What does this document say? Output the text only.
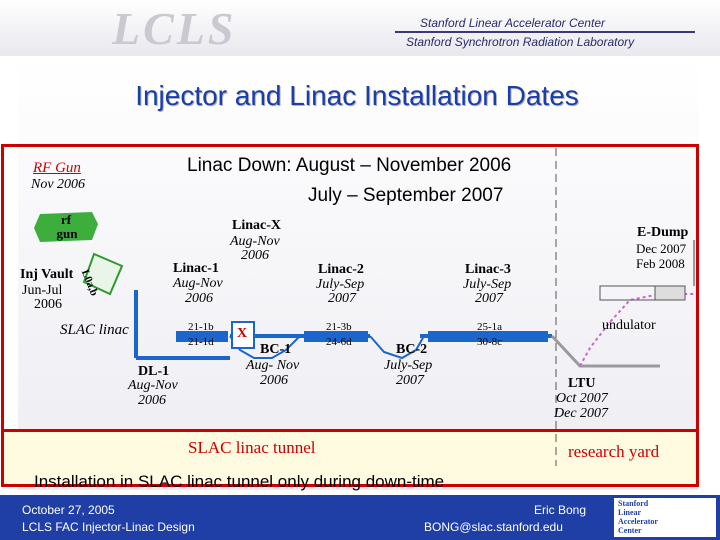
LCLS	Stanford Linear Accelerator Center
Stanford Synchrotron Radiation Laboratory
Injector and Linac Installation Dates
Linac Down: August – November 2006
July – September 2007
RF Gun
Nov 2006
rf
gun
Inj Vault
Jun-Jul
2006
L0a,b
SLAC linac
DL-1
Aug-Nov
2006
Linac-1
Aug-Nov
2006
Linac-X
Aug-Nov
2006
Linac-2
July-Sep
2007
Linac-3
July-Sep
2007
21-1b
21-1d
X	21-3b
24-6d
25-1a
30-8c
BC-1
Aug- Nov
2006
BC-2
July-Sep
2007
E-Dump
Dec 2007
Feb 2008
undulator
LTU
Oct 2007
Dec 2007
SLAC linac tunnel	research yard
Installation in SLAC linac tunnel only during down-time
October 27, 2005
LCLS FAC Injector-Linac Design
Eric Bong
BONG@slac.stanford.edu
Stanford
Linear
Accelerator
Center
